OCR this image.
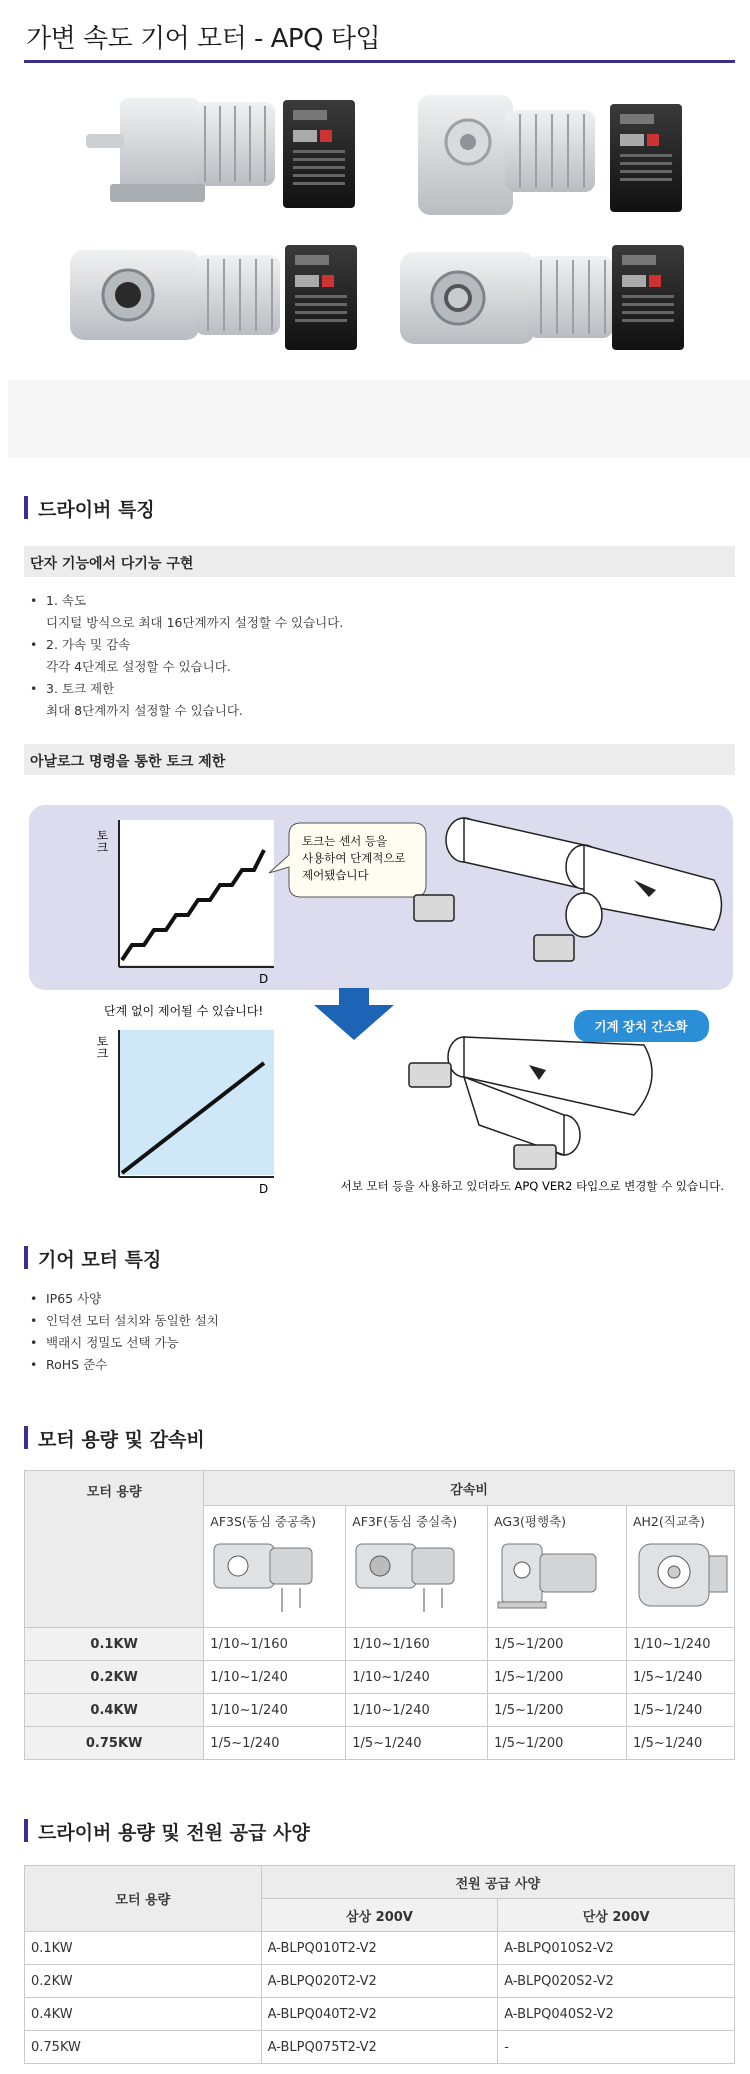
가변 속도 기어 모터 - APQ 타입
드라이버 특징
단자 기능에서 다기능 구현
• 1. 속도
디지털 방식으로 최대 16단계까지 설정할 수 있습니다.
• 2. 가속 및 감속
각각 4단계로 설정할 수 있습니다.
• 3. 토크 제한
최대 8단계까지 설정할 수 있습니다.
아날로그 명령을 통한 토크 제한
토크
D
토크는 센서 등을
사용하여 단계적으로
제어됐습니다
단계 없이 제어될 수 있습니다!
토크
D
기계 장치 간소화
서보 모터 등을 사용하고 있더라도 APQ VER2 타입으로 변경할 수 있습니다.
기어 모터 특징
• IP65 사양
• 인덕션 모터 설치와 동일한 설치
• 백래시 정밀도 선택 가능
• RoHS 준수
모터 용량 및 감속비
모터 용량	감속비			
	AF3S(동심 중공축)	AF3F(동심 중실축)	AG3(평행축)	AH2(직교축)

0.1KW	1/10~1/160	1/10~1/160	1/5~1/200	1/10~1/240
0.2KW	1/10~1/240	1/10~1/240	1/5~1/200	1/5~1/240
0.4KW	1/10~1/240	1/10~1/240	1/5~1/200	1/5~1/240
0.75KW	1/5~1/240	1/5~1/240	1/5~1/200	1/5~1/240
드라이버 용량 및 전원 공급 사양
모터 용량	전원 공급 사양	
	삼상 200V	단상 200V
0.1KW	A-BLPQ010T2-V2	A-BLPQ010S2-V2
0.2KW	A-BLPQ020T2-V2	A-BLPQ020S2-V2
0.4KW	A-BLPQ040T2-V2	A-BLPQ040S2-V2
0.75KW	A-BLPQ075T2-V2	-
